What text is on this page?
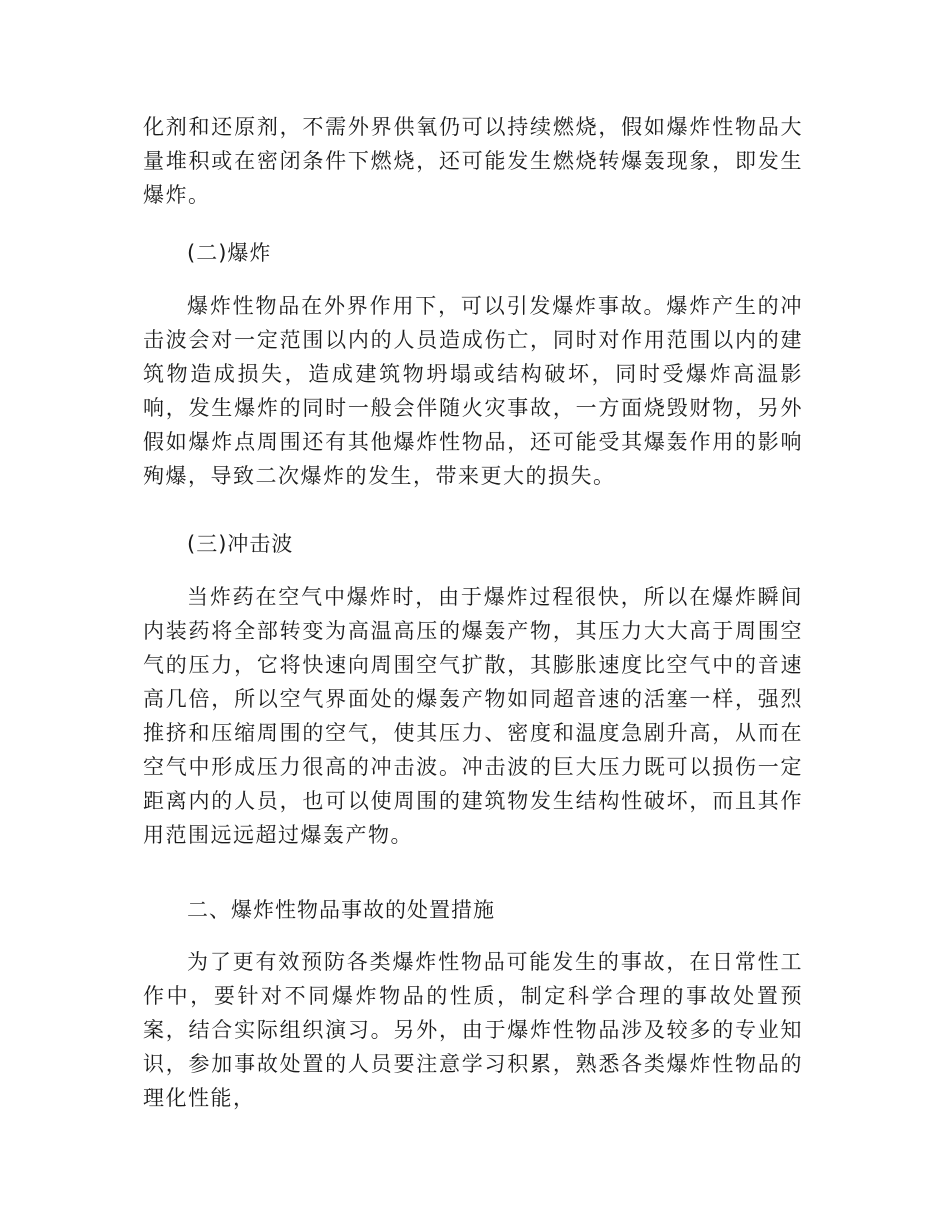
化剂和还原剂，不需外界供氧仍可以持续燃烧，假如爆炸性物品大量堆积或在密闭条件下燃烧，还可能发生燃烧转爆轰现象，即发生爆炸。

(二)爆炸

爆炸性物品在外界作用下，可以引发爆炸事故。爆炸产生的冲击波会对一定范围以内的人员造成伤亡，同时对作用范围以内的建筑物造成损失，造成建筑物坍塌或结构破坏，同时受爆炸高温影响，发生爆炸的同时一般会伴随火灾事故，一方面烧毁财物，另外假如爆炸点周围还有其他爆炸性物品，还可能受其爆轰作用的影响殉爆，导致二次爆炸的发生，带来更大的损失。

(三)冲击波

当炸药在空气中爆炸时，由于爆炸过程很快，所以在爆炸瞬间内装药将全部转变为高温高压的爆轰产物，其压力大大高于周围空气的压力，它将快速向周围空气扩散，其膨胀速度比空气中的音速高几倍，所以空气界面处的爆轰产物如同超音速的活塞一样，强烈推挤和压缩周围的空气，使其压力、密度和温度急剧升高，从而在空气中形成压力很高的冲击波。冲击波的巨大压力既可以损伤一定距离内的人员，也可以使周围的建筑物发生结构性破坏，而且其作用范围远远超过爆轰产物。

二、爆炸性物品事故的处置措施

为了更有效预防各类爆炸性物品可能发生的事故，在日常性工作中，要针对不同爆炸物品的性质，制定科学合理的事故处置预案，结合实际组织演习。另外，由于爆炸性物品涉及较多的专业知识，参加事故处置的人员要注意学习积累，熟悉各类爆炸性物品的理化性能，
